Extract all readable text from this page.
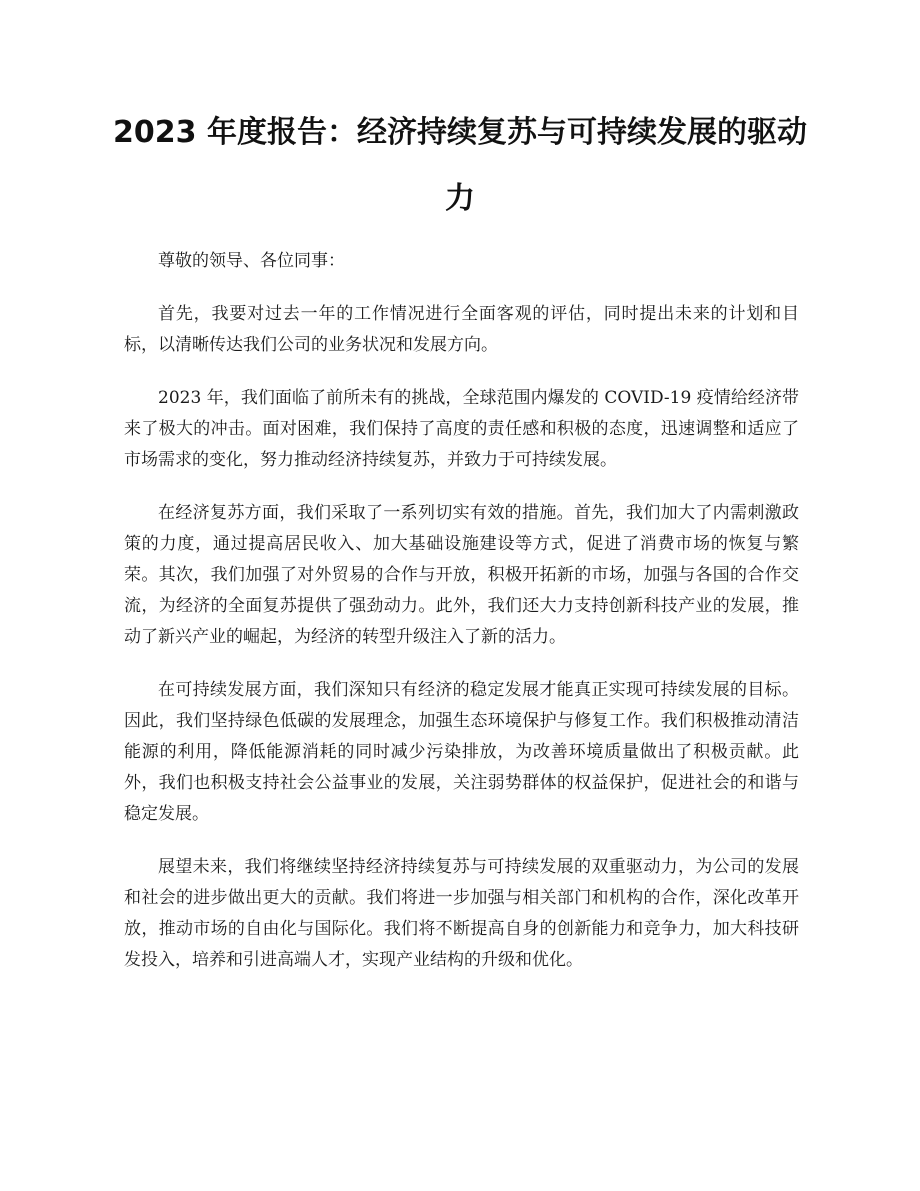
2023 年度报告：经济持续复苏与可持续发展的驱动力

尊敬的领导、各位同事：

首先，我要对过去一年的工作情况进行全面客观的评估，同时提出未来的计划和目标，以清晰传达我们公司的业务状况和发展方向。

2023 年，我们面临了前所未有的挑战，全球范围内爆发的 COVID-19 疫情给经济带来了极大的冲击。面对困难，我们保持了高度的责任感和积极的态度，迅速调整和适应了市场需求的变化，努力推动经济持续复苏，并致力于可持续发展。

在经济复苏方面，我们采取了一系列切实有效的措施。首先，我们加大了内需刺激政策的力度，通过提高居民收入、加大基础设施建设等方式，促进了消费市场的恢复与繁荣。其次，我们加强了对外贸易的合作与开放，积极开拓新的市场，加强与各国的合作交流，为经济的全面复苏提供了强劲动力。此外，我们还大力支持创新科技产业的发展，推动了新兴产业的崛起，为经济的转型升级注入了新的活力。

在可持续发展方面，我们深知只有经济的稳定发展才能真正实现可持续发展的目标。因此，我们坚持绿色低碳的发展理念，加强生态环境保护与修复工作。我们积极推动清洁能源的利用，降低能源消耗的同时减少污染排放，为改善环境质量做出了积极贡献。此外，我们也积极支持社会公益事业的发展，关注弱势群体的权益保护，促进社会的和谐与稳定发展。

展望未来，我们将继续坚持经济持续复苏与可持续发展的双重驱动力，为公司的发展和社会的进步做出更大的贡献。我们将进一步加强与相关部门和机构的合作，深化改革开放，推动市场的自由化与国际化。我们将不断提高自身的创新能力和竞争力，加大科技研发投入，培养和引进高端人才，实现产业结构的升级和优化。
